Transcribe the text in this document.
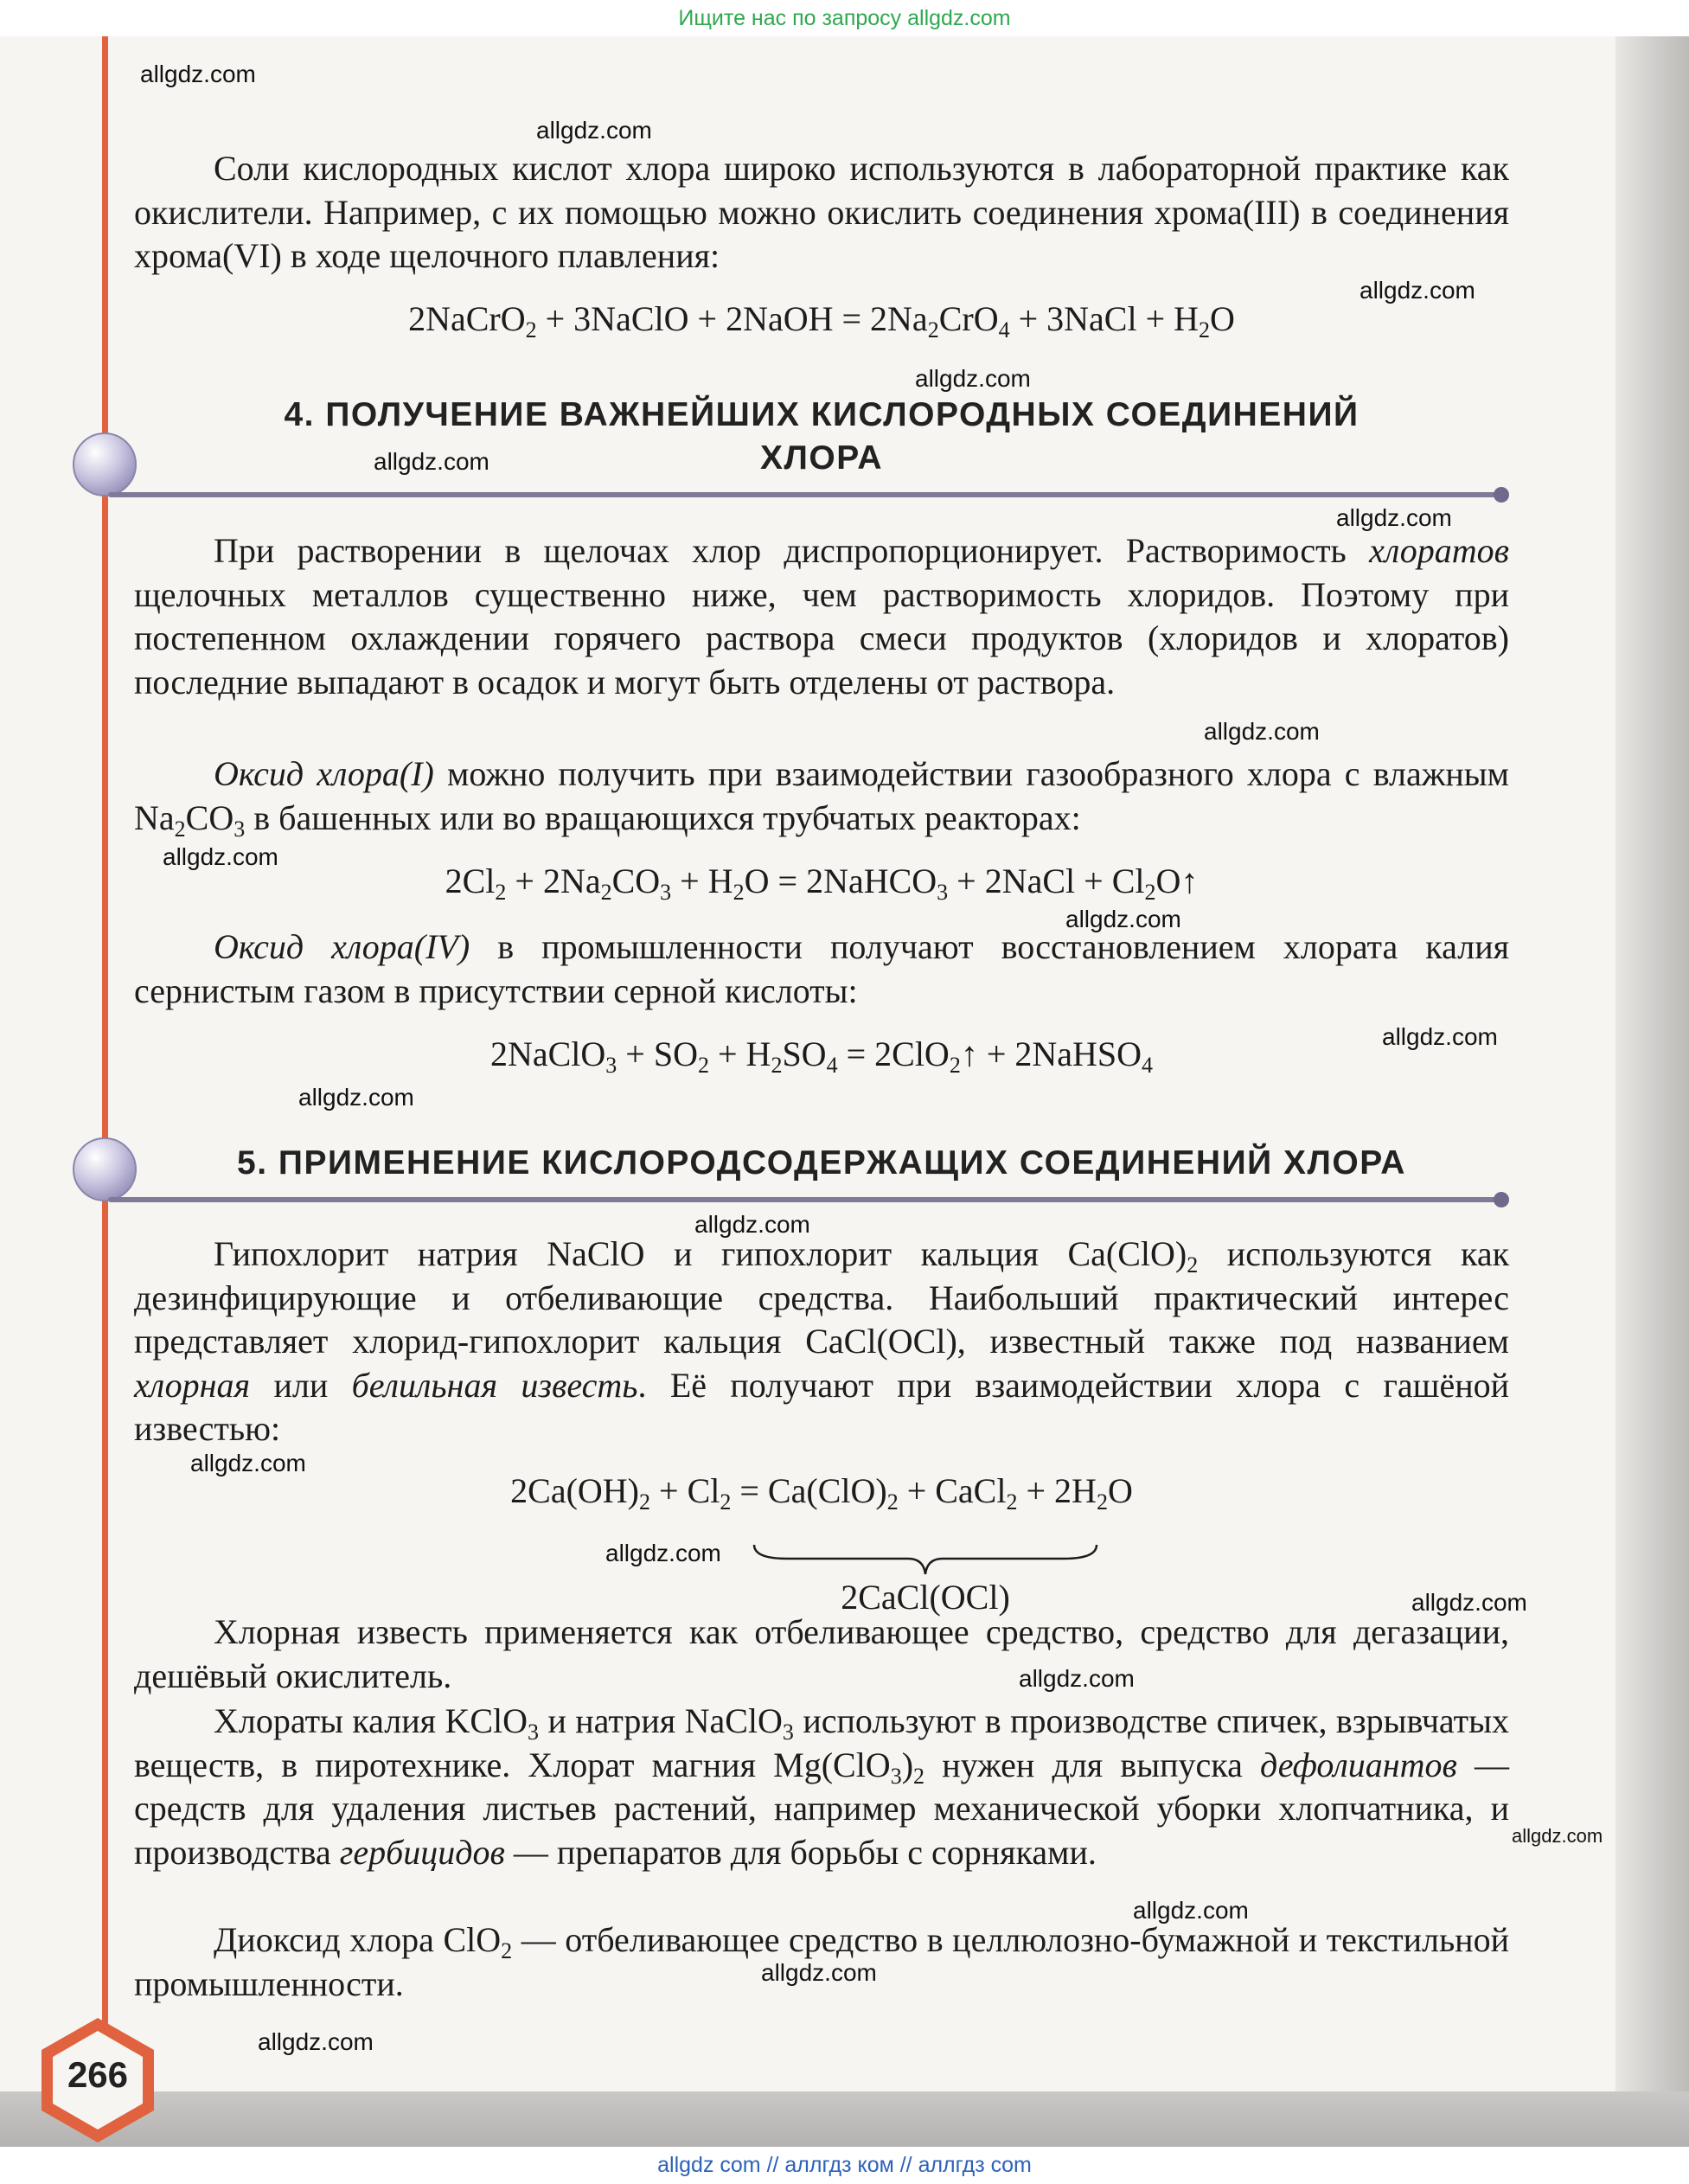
Ищите нас по запросу allgdz.com
allgdz.com
allgdz.com
allgdz.com
allgdz.com
allgdz.com
allgdz.com
allgdz.com
allgdz.com
allgdz.com
allgdz.com
allgdz.com
allgdz.com
allgdz.com
allgdz.com
allgdz.com
allgdz.com
allgdz.com
allgdz.com
allgdz.com
allgdz.com

Соли кислородных кислот хлора широко используются в лабораторной практике как окислители. Например, с их помощью можно окислить соединения хрома(III) в соединения хрома(VI) в ходе щелочного плавления:

2NaCrO$_2$ + 3NaClO + 2NaOH = $2Na_2CrO_4$ + 3NaCl + $H_2O$

4. ПОЛУЧЕНИЕ ВАЖНЕЙШИХ КИСЛОРОДНЫХ СОЕДИНЕНИЙ
ХЛОРА

При растворении в щелочах хлор диспропорционирует. Растворимость хлоратов щелочных металлов существенно ниже, чем растворимость хлоридов. Поэтому при постепенном охлаждении горячего раствора смеси продуктов (хлоридов и хлоратов) последние выпадают в осадок и могут быть отделены от раствора.

Оксид хлора(I) можно получить при взаимодействии газообразного хлора с влажным $Na_2CO_3$ в башенных или во вращающихся трубчатых реакторах:

$2Cl_2 + 2Na_2CO_3 + H_2O$ = 2NaHCO$_3$ + 2NaCl + $Cl_2O↑$

Оксид хлора(IV) в промышленности получают восстановлением хлората калия сернистым газом в присутствии серной кислоты:

2NaClO$_3$ + $SO_2 + H_2SO_4$ = 2ClO$_2$↑ + 2NaHSO$_4$

5. ПРИМЕНЕНИЕ КИСЛОРОДСОДЕРЖАЩИХ СОЕДИНЕНИЙ ХЛОРА

Гипохлорит натрия NaClO и гипохлорит кальция $Ca(ClO)_2$ используются как дезинфицирующие и отбеливающие средства. Наибольший практический интерес представляет хлорид-гипохлорит кальция CaCl(OCl), известный также под названием хлорная или белильная известь. Её получают при взаимодействии хлора с гашёной известью:

$2Ca(OH)_2 + Cl_2 = Ca(ClO)_2$ + CaCl$_2$ + $2H_2O$

2CaCl(OCl)

Хлорная известь применяется как отбеливающее средство, средство для дегазации, дешёвый окислитель.

Хлораты калия KClO$_3$ и натрия NaClO$_3$ используют в производстве спичек, взрывчатых веществ, в пиротехнике. Хлорат магния $Mg(ClO_3)_2$ нужен для выпуска дефолиантов — средств для удаления листьев растений, например механической уборки хлопчатника, и производства гербицидов — препаратов для борьбы с сорняками.

Диоксид хлора ClO$_2$ — отбеливающее средство в целлюлозно-бумажной и текстильной промышленности.

266
allgdz com // аллгдз ком // аллгдз com
